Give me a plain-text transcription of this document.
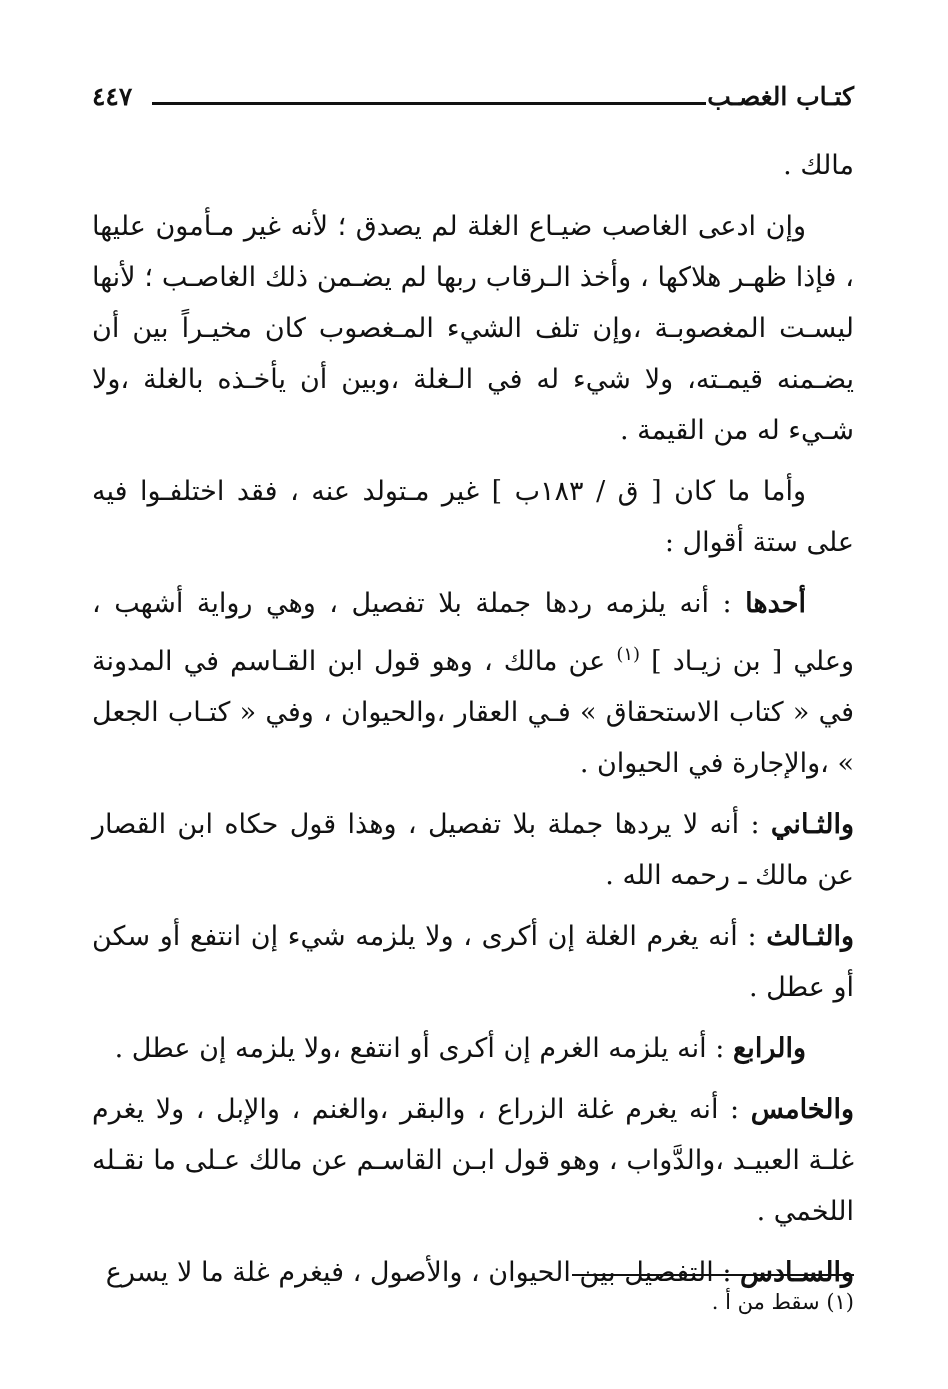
كتـاب الغصـب
٤٤٧

مالك .

وإن ادعى الغاصب ضيـاع الغلة لم يصدق ؛ لأنه غير مـأمون عليها ، فإذا ظهـر هلاكها ، وأخذ الـرقاب ربها لم يضـمن ذلك الغاصـب ؛ لأنها ليسـت المغصوبـة ،وإن تلف الشيء المـغصوب كان مخيـراً بين أن يضـمنه قيمـته، ولا شيء له في الـغلة ،وبين أن يأخـذه بالغلة ،ولا شـيء له من القيمة .

وأما ما كان [ ق / ١٨٣ب ] غير مـتولد عنه ، فقد اختلفـوا فيه على ستة أقوال :

أحدها : أنه يلزمه ردها جملة بلا تفصيل ، وهي رواية أشهب ، وعلي [ بن زيـاد ] $^{(١)}$ عن مالك ، وهو قول ابن القـاسم في المدونة في « كتاب الاستحقاق » فـي العقار ،والحيوان ، وفي « كتـاب الجعل » ،والإجارة في الحيوان .

والثـاني : أنه لا يردها جملة بلا تفصيل ، وهذا قول حكاه ابن القصار عن مالك ـ رحمه الله .

والثـالث : أنه يغرم الغلة إن أكرى ، ولا يلزمه شيء إن انتفع أو سكن أو عطل .

والرابع : أنه يلزمه الغرم إن أكرى أو انتفع ،ولا يلزمه إن عطل .

والخامس : أنه يغرم غلة الزراع ، والبقر ،والغنم ، والإبل ، ولا يغرم غلـة العبيـد ،والدَّواب ، وهو قول ابـن القاسـم عن مالك عـلى ما نقـله اللخمي .

والسـادس : التفصيل بين الحيوان ، والأصول ، فيغرم غلة ما لا يسرع

(١) سقط من أ .
